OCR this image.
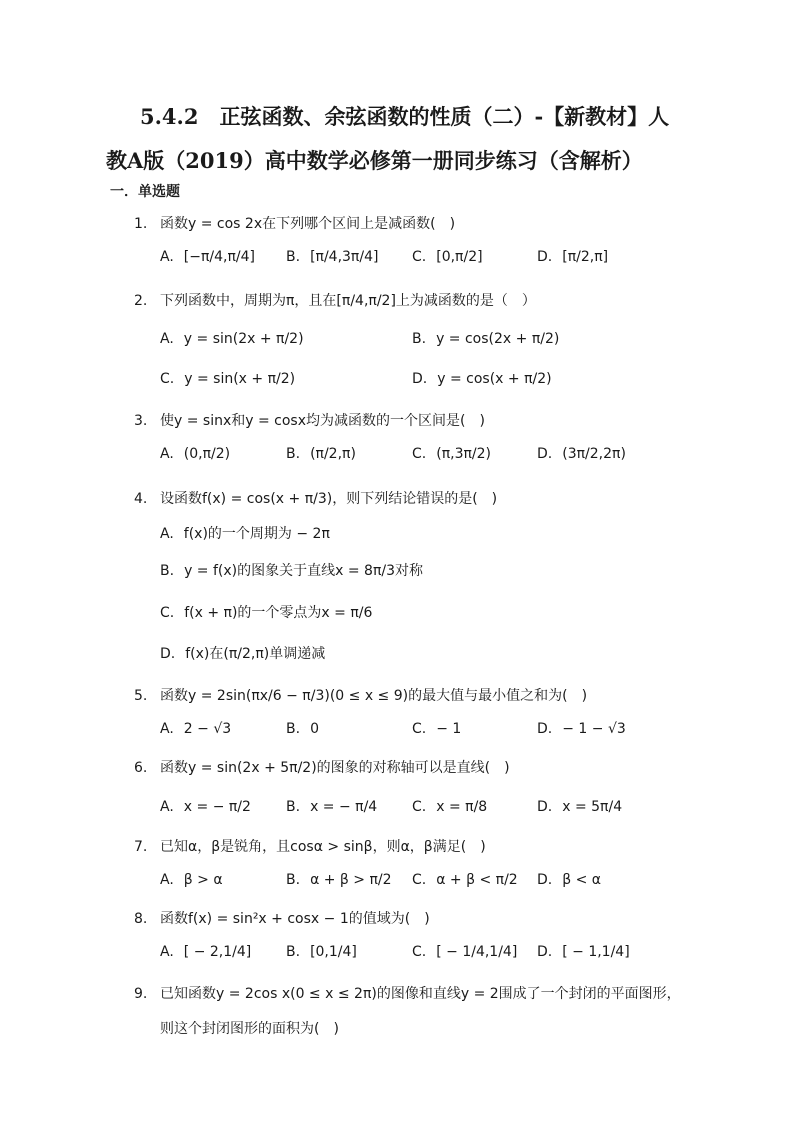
5.4.2　正弦函数、余弦函数的性质（二）-【新教材】人
教A版（2019）高中数学必修第一册同步练习（含解析）
一．单选题
1. 函数y = cos 2x在下列哪个区间上是减函数(　)
A. [−π/4,π/4] B. [π/4,3π/4] C. [0,π/2]	D. [π/2,π]
2. 下列函数中，周期为π，且在[π/4,π/2]上为减函数的是（　）
A. y = sin(2x + π/2)	B. y = cos(2x + π/2)
C. y = sin(x + π/2)	D. y = cos(x + π/2)
3. 使y = sinx和y = cosx均为减函数的一个区间是(　)
A. (0,π/2)	B. (π/2,π)	C. (π,3π/2)	D. (3π/2,2π)
4. 设函数f(x) = cos(x + π/3)，则下列结论错误的是(　)
A. f(x)的一个周期为 − 2π
B. y = f(x)的图象关于直线x = 8π/3对称
C. f(x + π)的一个零点为x = π/6
D. f(x)在(π/2,π)单调递减
5. 函数y = 2sin(πx/6 − π/3)(0 ≤ x ≤ 9)的最大值与最小值之和为(　)
A. 2 − √3	B. 0	C. − 1	D. − 1 − √3
6. 函数y = sin(2x + 5π/2)的图象的对称轴可以是直线(　)
A. x = − π/2	B. x = − π/4 C. x = π/8	D. x = 5π/4
7. 已知α，β是锐角，且cosα > sinβ，则α，β满足(　)
A. β > α	B. α + β > π/2 C. α + β < π/2 D. β < α
8. 函数f(x) = sin²x + cosx − 1的值域为(　)
A. [ − 2,1/4] B. [0,1/4]	C. [ − 1/4,1/4] D. [ − 1,1/4]
9. 已知函数y = 2cos x(0 ≤ x ≤ 2π)的图像和直线y = 2围成了一个封闭的平面图形，
则这个封闭图形的面积为(　)
